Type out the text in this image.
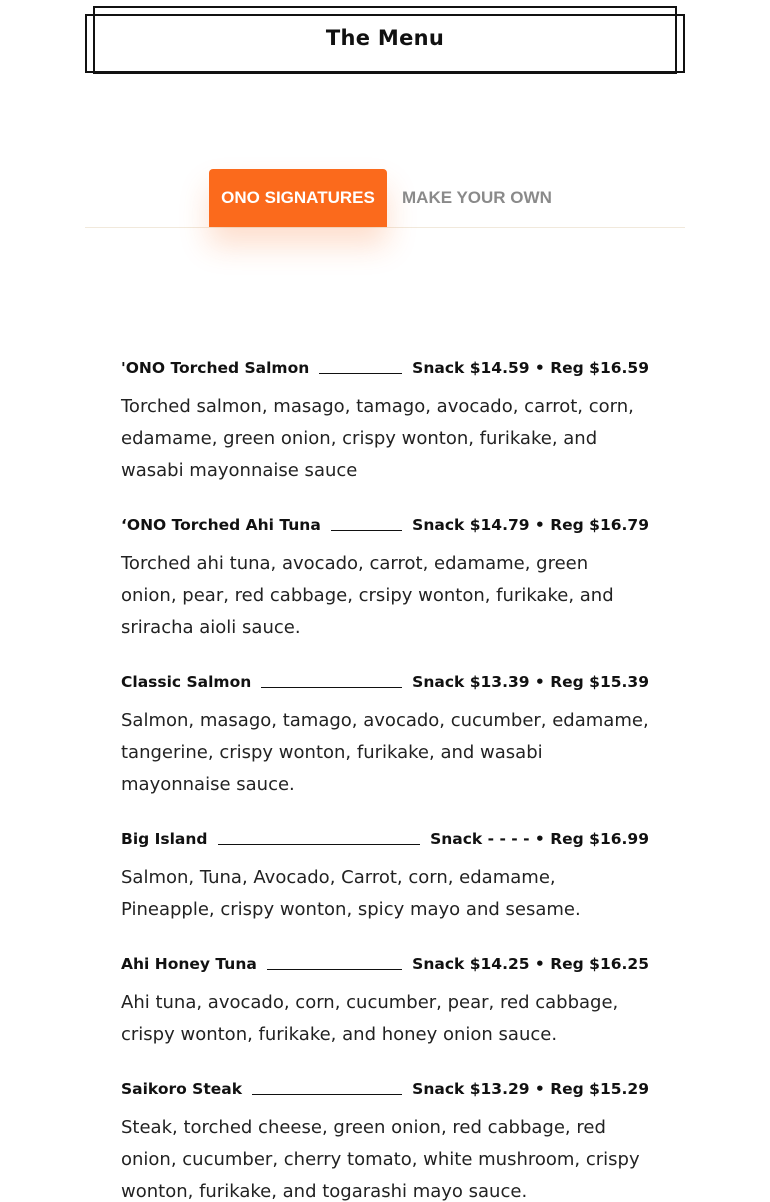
The Menu
ONO SIGNATURES	MAKE YOUR OWN
'ONO Torched Salmon	Snack $14.59 • Reg $16.59
Torched salmon, masago, tamago, avocado, carrot, corn, edamame, green onion, crispy wonton, furikake, and wasabi mayonnaise sauce
‘ONO Torched Ahi Tuna	Snack $14.79 • Reg $16.79
Torched ahi tuna, avocado, carrot, edamame, green onion, pear, red cabbage, crsipy wonton, furikake, and sriracha aioli sauce.
Classic Salmon	Snack $13.39 • Reg $15.39
Salmon, masago, tamago, avocado, cucumber, edamame, tangerine, crispy wonton, furikake, and wasabi mayonnaise sauce.
Big Island	Snack - - - - • Reg $16.99
Salmon, Tuna, Avocado, Carrot, corn, edamame, Pineapple, crispy wonton, spicy mayo and sesame.
Ahi Honey Tuna	Snack $14.25 • Reg $16.25
Ahi tuna, avocado, corn, cucumber, pear, red cabbage, crispy wonton, furikake, and honey onion sauce.
Saikoro Steak	Snack $13.29 • Reg $15.29
Steak, torched cheese, green onion, red cabbage, red onion, cucumber, cherry tomato, white mushroom, crispy wonton, furikake, and togarashi mayo sauce.
